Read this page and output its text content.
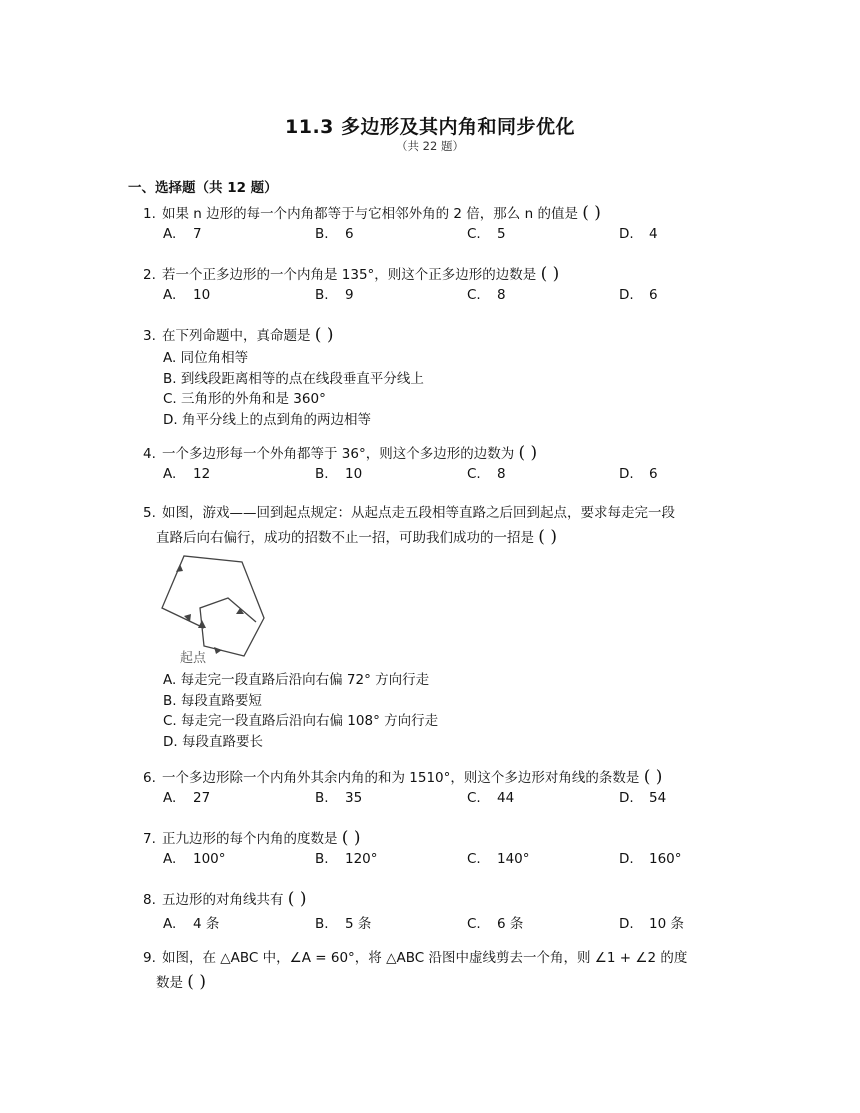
11.3 多边形及其内角和同步优化
（共 22 题）
一、选择题（共 12 题）
1. 如果 n 边形的每一个内角都等于与它相邻外角的 2 倍，那么 n 的值是 ( )
A. 7	B. 6	C. 5	D. 4
2. 若一个正多边形的一个内角是 135°，则这个正多边形的边数是 ( )
A. 10	B. 9	C. 8	D. 6
3. 在下列命题中，真命题是 ( )
A. 同位角相等
B. 到线段距离相等的点在线段垂直平分线上
C. 三角形的外角和是 360°
D. 角平分线上的点到角的两边相等
4. 一个多边形每一个外角都等于 36°，则这个多边形的边数为 ( )
A. 12	B. 10	C. 8	D. 6
5. 如图，游戏——回到起点规定：从起点走五段相等直路之后回到起点，要求每走完一段
直路后向右偏行，成功的招数不止一招，可助我们成功的一招是 ( )
起点
A. 每走完一段直路后沿向右偏 72° 方向行走
B. 每段直路要短
C. 每走完一段直路后沿向右偏 108° 方向行走
D. 每段直路要长
6. 一个多边形除一个内角外其余内角的和为 1510°，则这个多边形对角线的条数是 ( )
A. 27	B. 35	C. 44	D. 54
7. 正九边形的每个内角的度数是 ( )
A. 100°	B. 120°	C. 140°	D. 160°
8. 五边形的对角线共有 ( )
A. 4 条	B. 5 条	C. 6 条	D. 10 条
9. 如图，在 △ABC 中，∠A = 60°，将 △ABC 沿图中虚线剪去一个角，则 ∠1 + ∠2 的度
数是 ( )
